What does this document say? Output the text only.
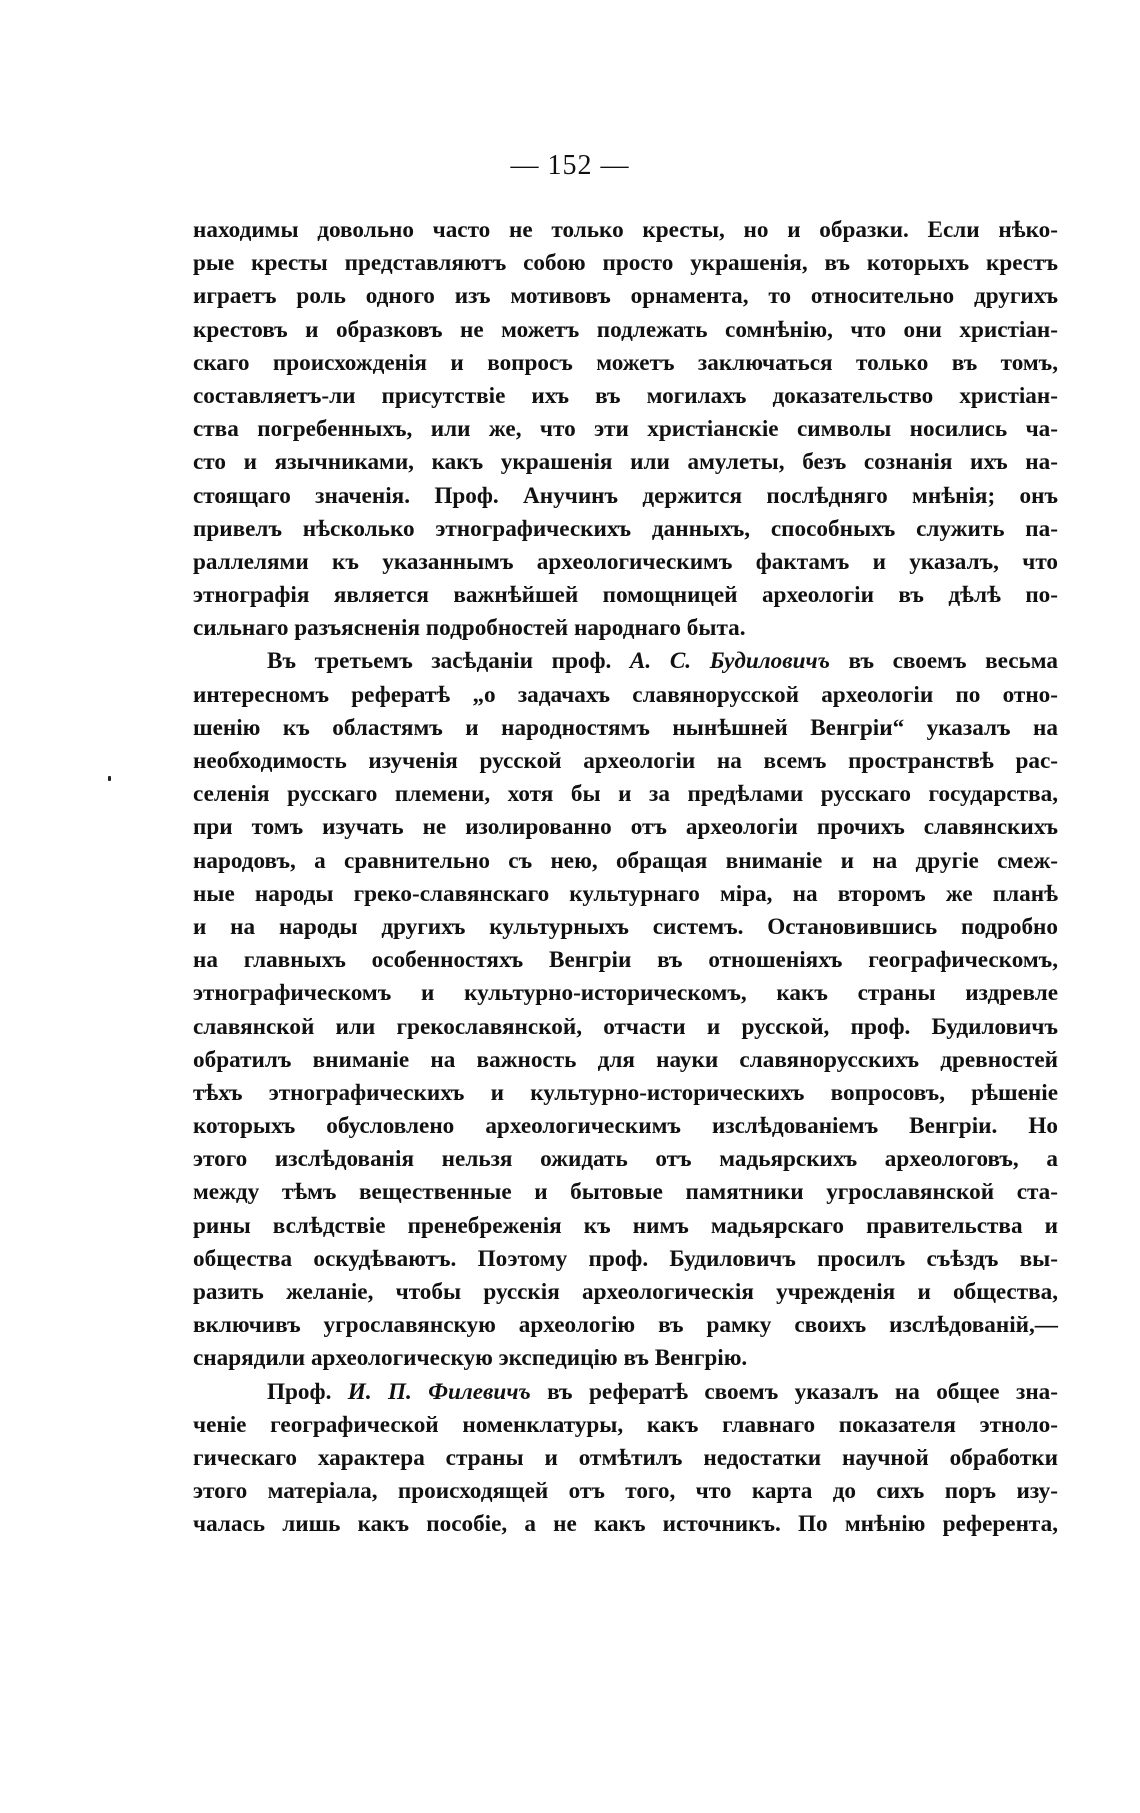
— 152 —
находимы довольно часто не только кресты, но и образки. Если нѣко-
рые кресты представляютъ собою просто украшенія, въ которыхъ крестъ
играетъ роль одного изъ мотивовъ орнамента, то относительно другихъ
крестовъ и образковъ не можетъ подлежать сомнѣнію, что они христіан-
скаго происхожденія и вопросъ можетъ заключаться только въ томъ,
составляетъ-ли присутствіе ихъ въ могилахъ доказательство христіан-
ства погребенныхъ, или же, что эти христіанскіе символы носились ча-
сто и язычниками, какъ украшенія или амулеты, безъ сознанія ихъ на-
стоящаго значенія. Проф. Анучинъ держится послѣдняго мнѣнія; онъ
привелъ нѣсколько этнографическихъ данныхъ, способныхъ служить па-
раллелями къ указаннымъ археологическимъ фактамъ и указалъ, что
этнографія является важнѣйшей помощницей археологіи въ дѣлѣ по-
сильнаго разъясненія подробностей народнаго быта.
Въ третьемъ засѣданіи проф. А. С. Будиловичъ въ своемъ весьма
интересномъ рефератѣ „о задачахъ славянорусской археологіи по отно-
шенію къ областямъ и народностямъ нынѣшней Венгріи“ указалъ на
необходимость изученія русской археологіи на всемъ пространствѣ рас-
селенія русскаго племени, хотя бы и за предѣлами русскаго государства,
при томъ изучать не изолированно отъ археологіи прочихъ славянскихъ
народовъ, а сравнительно съ нею, обращая вниманіе и на другіе смеж-
ные народы греко-славянскаго культурнаго міра, на второмъ же планѣ
и на народы другихъ культурныхъ системъ. Остановившись подробно
на главныхъ особенностяхъ Венгріи въ отношеніяхъ географическомъ,
этнографическомъ и культурно-историческомъ, какъ страны издревле
славянской или грекославянской, отчасти и русской, проф. Будиловичъ
обратилъ вниманіе на важность для науки славянорусскихъ древностей
тѣхъ этнографическихъ и культурно-историческихъ вопросовъ, рѣшеніе
которыхъ обусловлено археологическимъ изслѣдованіемъ Венгріи. Но
этого изслѣдованія нельзя ожидать отъ мадьярскихъ археологовъ, а
между тѣмъ вещественные и бытовые памятники угрославянской ста-
рины вслѣдствіе пренебреженія къ нимъ мадьярскаго правительства и
общества оскудѣваютъ. Поэтому проф. Будиловичъ просилъ съѣздъ вы-
разить желаніе, чтобы русскія археологическія учрежденія и общества,
включивъ угрославянскую археологію въ рамку своихъ изслѣдованій,—
снарядили археологическую экспедицію въ Венгрію.
Проф. И. П. Филевичъ въ рефератѣ своемъ указалъ на общее зна-
ченіе географической номенклатуры, какъ главнаго показателя этноло-
гическаго характера страны и отмѣтилъ недостатки научной обработки
этого матеріала, происходящей отъ того, что карта до сихъ поръ изу-
чалась лишь какъ пособіе, а не какъ источникъ. По мнѣнію референта,
